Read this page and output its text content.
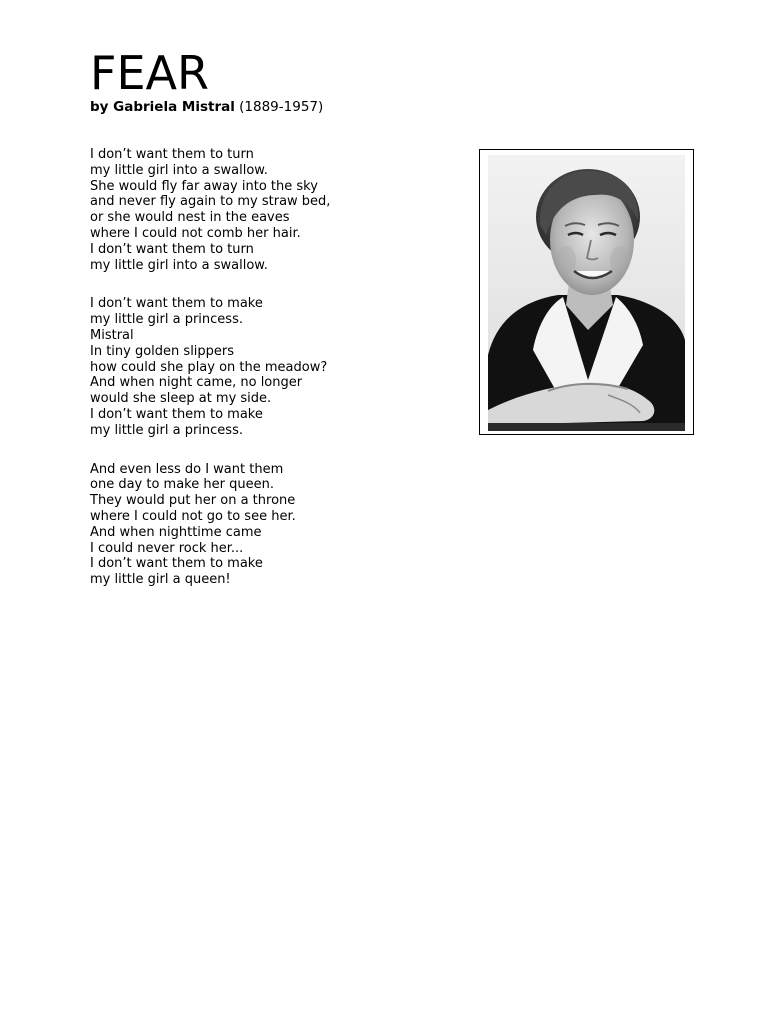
FEAR
by Gabriela Mistral (1889-1957)
I don’t want them to turn
my little girl into a swallow.
She would fly far away into the sky
and never fly again to my straw bed,
or she would nest in the eaves
where I could not comb her hair.
I don’t want them to turn
my little girl into a swallow.
I don’t want them to make
my little girl a princess.
Mistral
In tiny golden slippers
how could she play on the meadow?
And when night came, no longer
would she sleep at my side.
I don’t want them to make
my little girl a princess.
And even less do I want them
one day to make her queen.
They would put her on a throne
where I could not go to see her.
And when nighttime came
I could never rock her...
I don’t want them to make
my little girl a queen!
